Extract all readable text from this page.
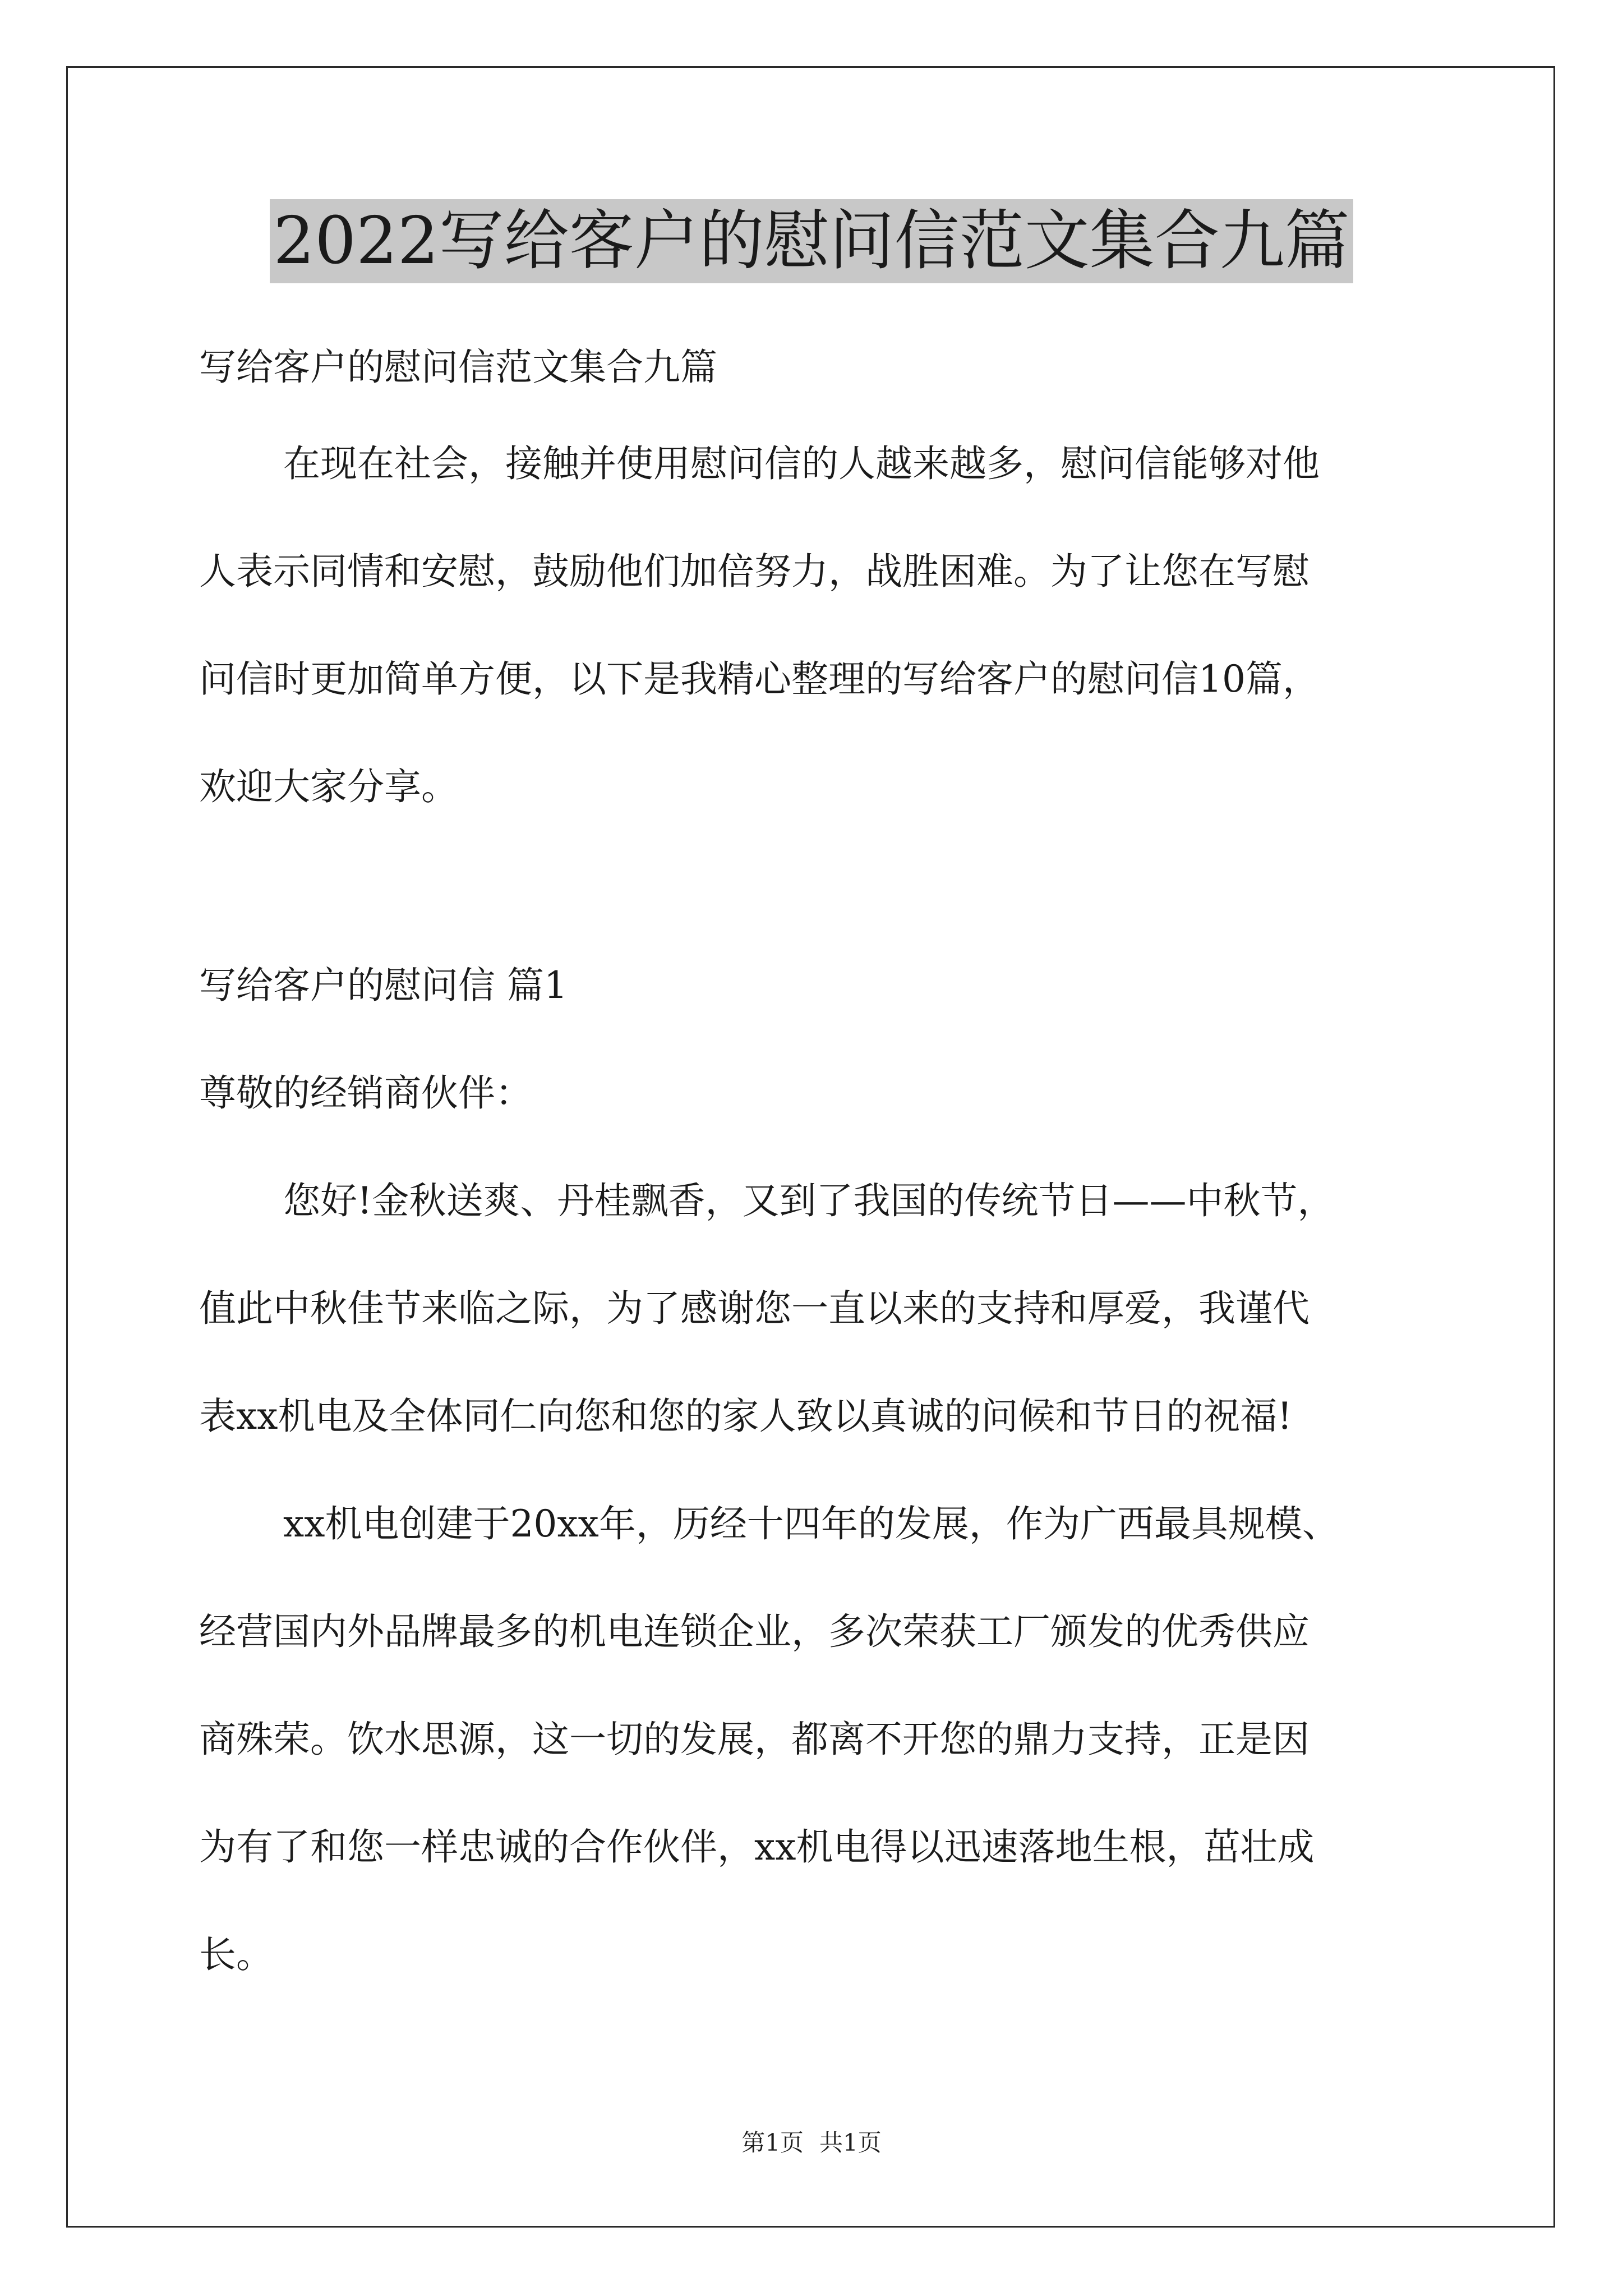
2022写给客户的慰问信范文集合九篇
写给客户的慰问信范文集合九篇
在现在社会，接触并使用慰问信的人越来越多，慰问信能够对他
人表示同情和安慰，鼓励他们加倍努力，战胜困难。为了让您在写慰
问信时更加简单方便，以下是我精心整理的写给客户的慰问信10篇，
欢迎大家分享。
写给客户的慰问信 篇1
尊敬的经销商伙伴：
您好!金秋送爽、丹桂飘香，又到了我国的传统节日——中秋节，
值此中秋佳节来临之际，为了感谢您一直以来的支持和厚爱，我谨代
表xx机电及全体同仁向您和您的家人致以真诚的问候和节日的祝福!
xx机电创建于20xx年，历经十四年的发展，作为广西最具规模、
经营国内外品牌最多的机电连锁企业，多次荣获工厂颁发的优秀供应
商殊荣。饮水思源，这一切的发展，都离不开您的鼎力支持，正是因
为有了和您一样忠诚的合作伙伴，xx机电得以迅速落地生根，茁壮成
长。
第1页 共1页
